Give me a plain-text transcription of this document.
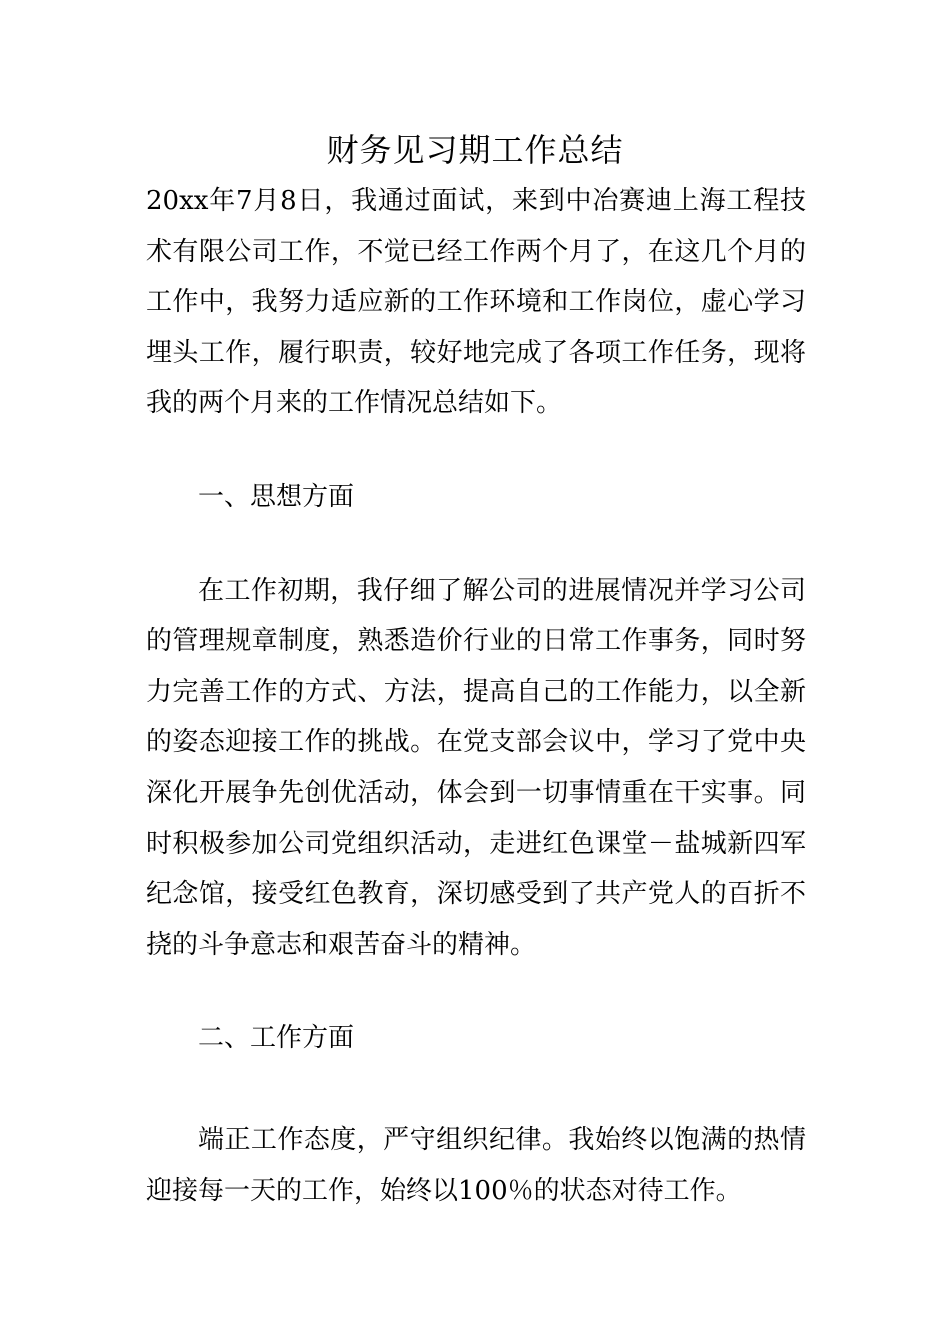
财务见习期工作总结

20xx年7月8日，我通过面试，来到中冶赛迪上海工程技术有限公司工作，不觉已经工作两个月了，在这几个月的工作中，我努力适应新的工作环境和工作岗位，虚心学习埋头工作，履行职责，较好地完成了各项工作任务，现将我的两个月来的工作情况总结如下。

一、思想方面

在工作初期，我仔细了解公司的进展情况并学习公司的管理规章制度，熟悉造价行业的日常工作事务，同时努力完善工作的方式、方法，提高自己的工作能力，以全新的姿态迎接工作的挑战。在党支部会议中，学习了党中央深化开展争先创优活动，体会到一切事情重在干实事。同时积极参加公司党组织活动，走进红色课堂－盐城新四军纪念馆，接受红色教育，深切感受到了共产党人的百折不挠的斗争意志和艰苦奋斗的精神。

二、工作方面

端正工作态度，严守组织纪律。我始终以饱满的热情迎接每一天的工作，始终以100％的状态对待工作。
